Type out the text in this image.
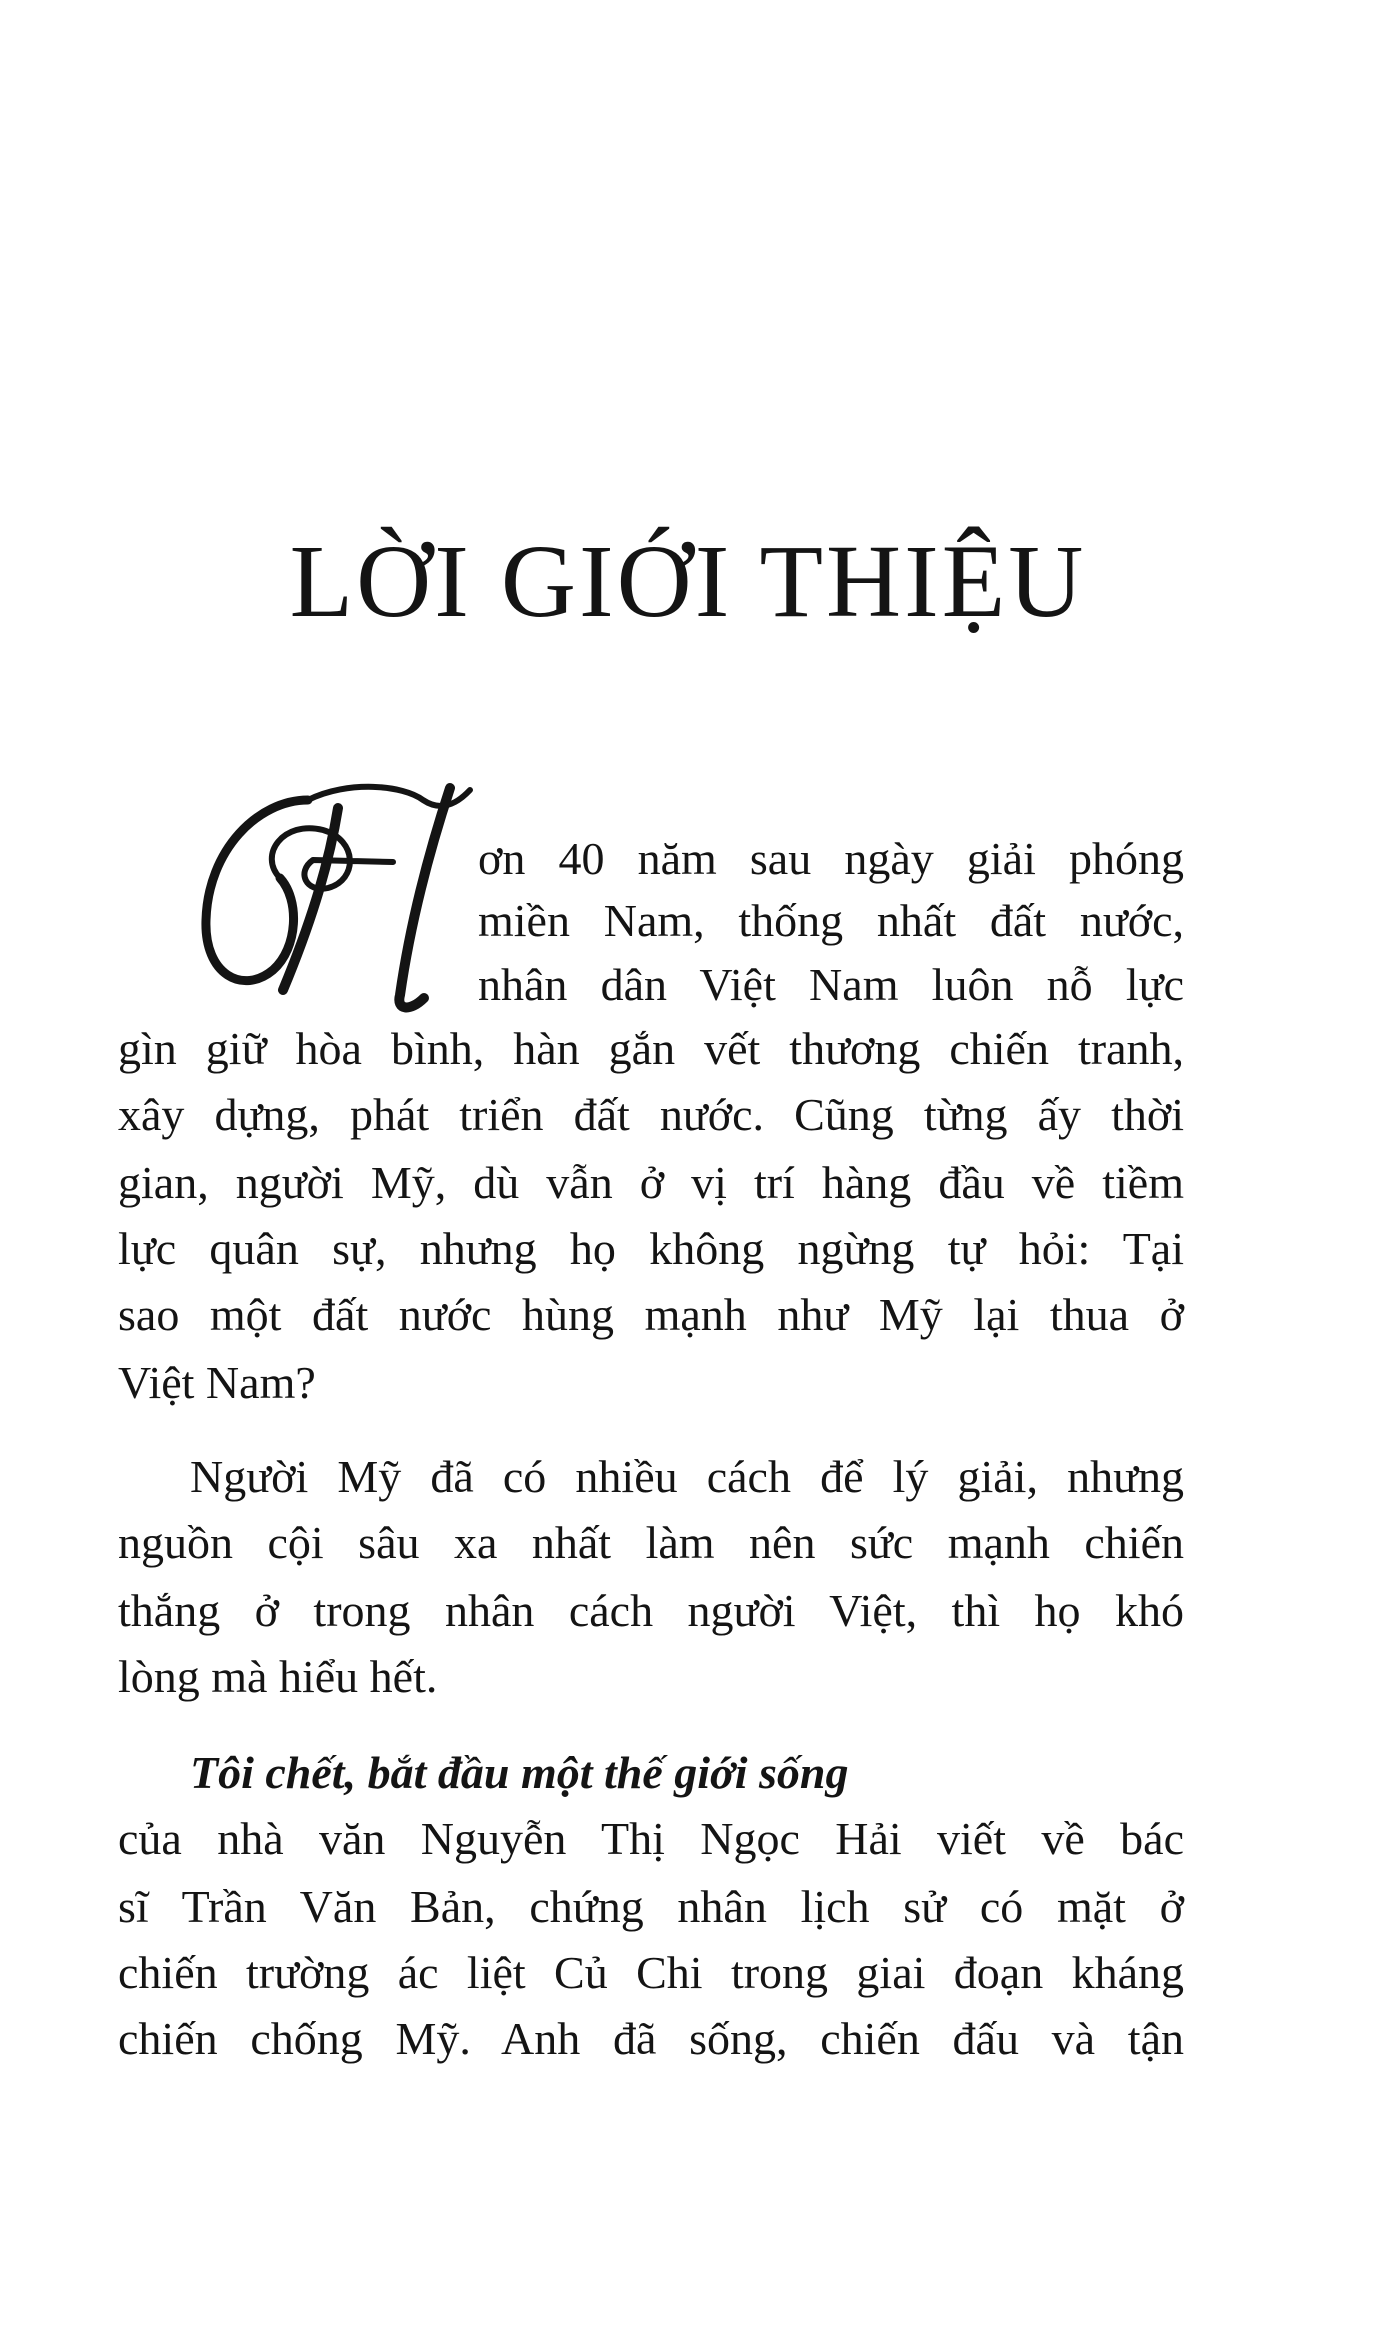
LỜI GIỚI THIỆU
ơn 40 năm sau ngày giải phóng
miền Nam, thống nhất đất nước,
nhân dân Việt Nam luôn nỗ lực
gìn giữ hòa bình, hàn gắn vết thương chiến tranh,
xây dựng, phát triển đất nước. Cũng từng ấy thời
gian, người Mỹ, dù vẫn ở vị trí hàng đầu về tiềm
lực quân sự, nhưng họ không ngừng tự hỏi: Tại
sao một đất nước hùng mạnh như Mỹ lại thua ở
Việt Nam?
Người Mỹ đã có nhiều cách để lý giải, nhưng
nguồn cội sâu xa nhất làm nên sức mạnh chiến
thắng ở trong nhân cách người Việt, thì họ khó
lòng mà hiểu hết.
Tôi chết, bắt đầu một thế giới sống
của nhà văn Nguyễn Thị Ngọc Hải viết về bác
sĩ Trần Văn Bản, chứng nhân lịch sử có mặt ở
chiến trường ác liệt Củ Chi trong giai đoạn kháng
chiến chống Mỹ. Anh đã sống, chiến đấu và tận
